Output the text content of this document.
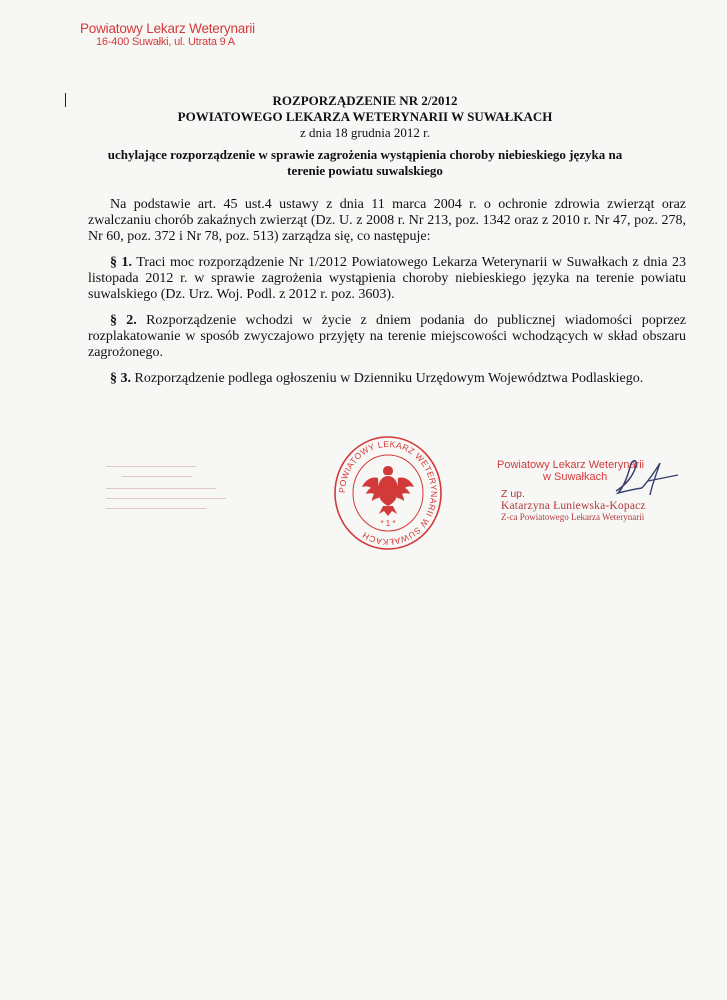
Powiatowy Lekarz Weterynarii
16-400 Suwałki, ul. Utrata 9 A
ROZPORZĄDZENIE NR 2/2012
POWIATOWEGO LEKARZA WETERYNARII W SUWAŁKACH
z dnia 18 grudnia 2012 r.
uchylające rozporządzenie w sprawie zagrożenia wystąpienia choroby niebieskiego języka na terenie powiatu suwalskiego

Na podstawie art. 45 ust.4 ustawy z dnia 11 marca 2004 r. o ochronie zdrowia zwierząt oraz zwalczaniu chorób zakaźnych zwierząt (Dz. U. z 2008 r. Nr 213, poz. 1342 oraz z 2010 r. Nr 47, poz. 278, Nr 60, poz. 372 i Nr 78, poz. 513) zarządza się, co następuje:

§ 1. Traci moc rozporządzenie Nr 1/2012 Powiatowego Lekarza Weterynarii w Suwałkach z dnia 23 listopada 2012 r. w sprawie zagrożenia wystąpienia choroby niebieskiego języka na terenie powiatu suwalskiego (Dz. Urz. Woj. Podl. z 2012 r. poz. 3603).

§ 2. Rozporządzenie wchodzi w życie z dniem podania do publicznej wiadomości poprzez rozplakatowanie w sposób zwyczajowo przyjęty na terenie miejscowości wchodzących w skład obszaru zagrożonego.

§ 3. Rozporządzenie podlega ogłoszeniu w Dzienniku Urzędowym Województwa Podlaskiego.

POWIATOWY LEKARZ WETERYNARII W SUWAŁKACH
* 1 *
Powiatowy Lekarz Weterynarii
w Suwałkach
Z up.
Katarzyna Łuniewska-Kopacz
Z-ca Powiatowego Lekarza Weterynarii
